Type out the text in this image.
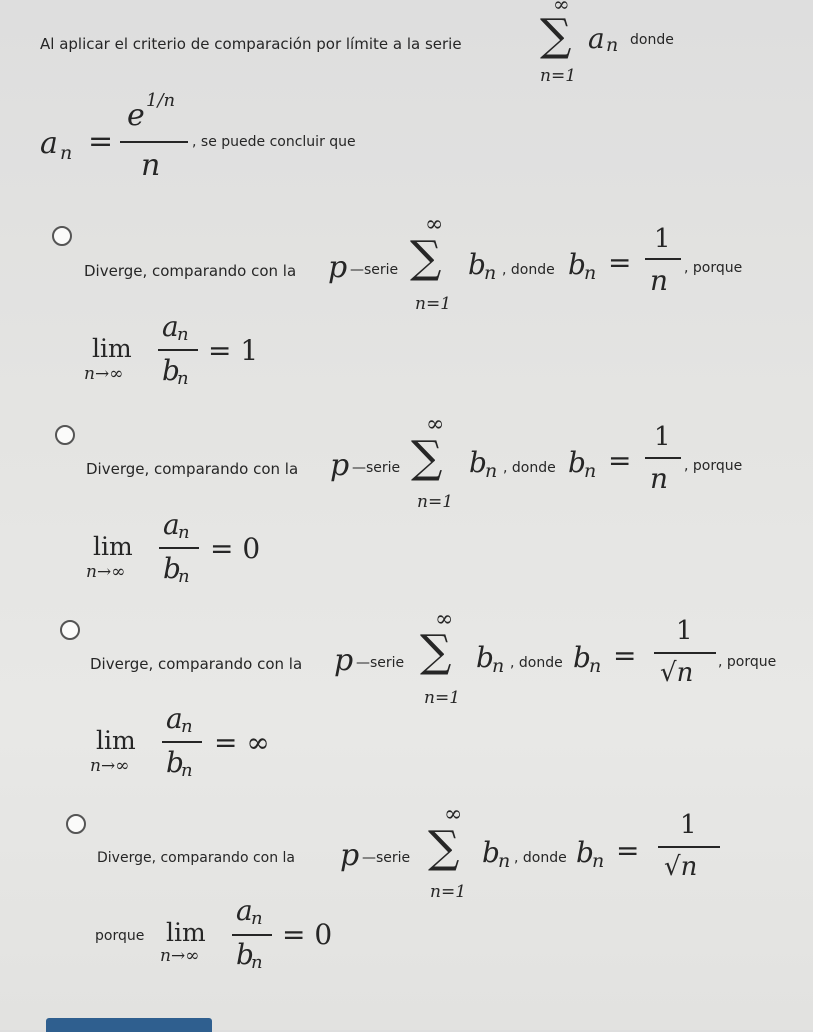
Al aplicar el criterio de comparación por límite a la serie
∞
∑ a n
n=1
donde
a n =
e 1/n
n
, se puede concluir que
Diverge, comparando con la p —serie
∞
∑
n=1
b
n , donde b
n =
1
n , porque
lim
n→∞
a
n
b
n
= 1
Diverge, comparando con la p —serie
∞
∑
n=1
b
n , donde b
n =
1
n , porque
lim
n→∞
a
n
b
n
= 0
Diverge, comparando con la p —serie
∞
∑
n=1
b
n , donde b
n =
1
√n , porque
lim
n→∞
a
n
b
n
= ∞
Diverge, comparando con la p —serie
∞
∑
n=1
b
n , donde b
n =
1
√n
porque lim
n→∞
a
n
b
n
= 0
